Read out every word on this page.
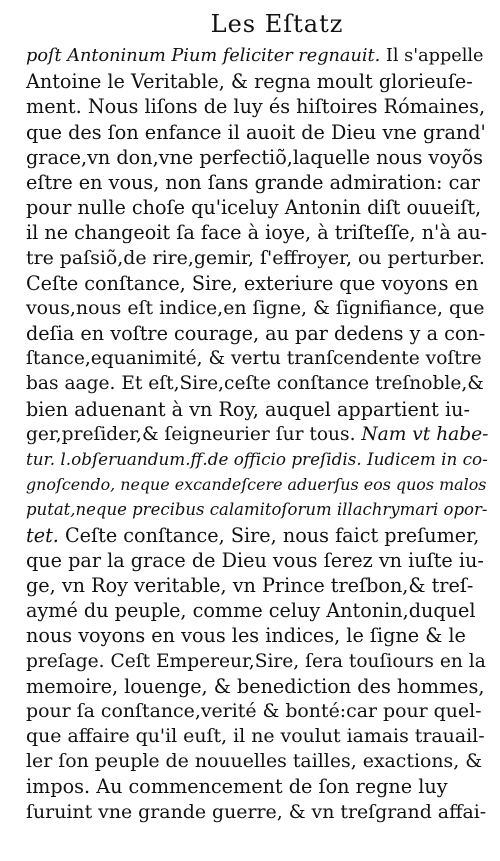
Les Eſtatz
poſt Antoninum Pium feliciter regnauit. Il s'appelle
Antoine le Veritable, & regna moult glorieuſe-
ment. Nous liſons de luy és hiſtoires Rómaines,
que des ſon enfance il auoit de Dieu vne grand'
grace,vn don,vne perfectiõ,laquelle nous voyõs
eſtre en vous, non ſans grande admiration: car
pour nulle choſe qu'iceluy Antonin diſt ouueiſt,
il ne changeoit ſa face à ioye, à triſteſſe, n'à au-
tre paſsiõ,de rire,gemir, ſ'effroyer, ou perturber.
Ceſte conſtance, Sire, exteriure que voyons en
vous,nous eſt indice,en ſigne, & ſignifiance, que
deſia en voſtre courage, au par dedens y a con-
ſtance,equanimité, & vertu tranſcendente voſtre
bas aage. Et eſt,Sire,ceſte conſtance treſnoble,&
bien aduenant à vn Roy, auquel appartient iu-
ger,preſider,& ſeigneurier ſur tous. Nam vt habe-
tur. l.obſeruandum.ff.de officio preſidis. Iudicem in co-
gnoſcendo, neque excandeſcere aduerſus eos quos malos
putat,neque precibus calamitoſorum illachrymari opor-
tet. Ceſte conſtance, Sire, nous faict preſumer,
que par la grace de Dieu vous ſerez vn iuſte iu-
ge, vn Roy veritable, vn Prince treſbon,& treſ-
aymé du peuple, comme celuy Antonin,duquel
nous voyons en vous les indices, le ſigne & le
preſage. Ceſt Empereur,Sire, ſera touſiours en la
memoire, louenge, & benediction des hommes,
pour ſa conſtance,verité & bonté:car pour quel-
que affaire qu'il euſt, il ne voulut iamais trauail-
ler ſon peuple de nouuelles tailles, exactions, &
impos. Au commencement de ſon regne luy
ſuruint vne grande guerre, & vn treſgrand affai-
